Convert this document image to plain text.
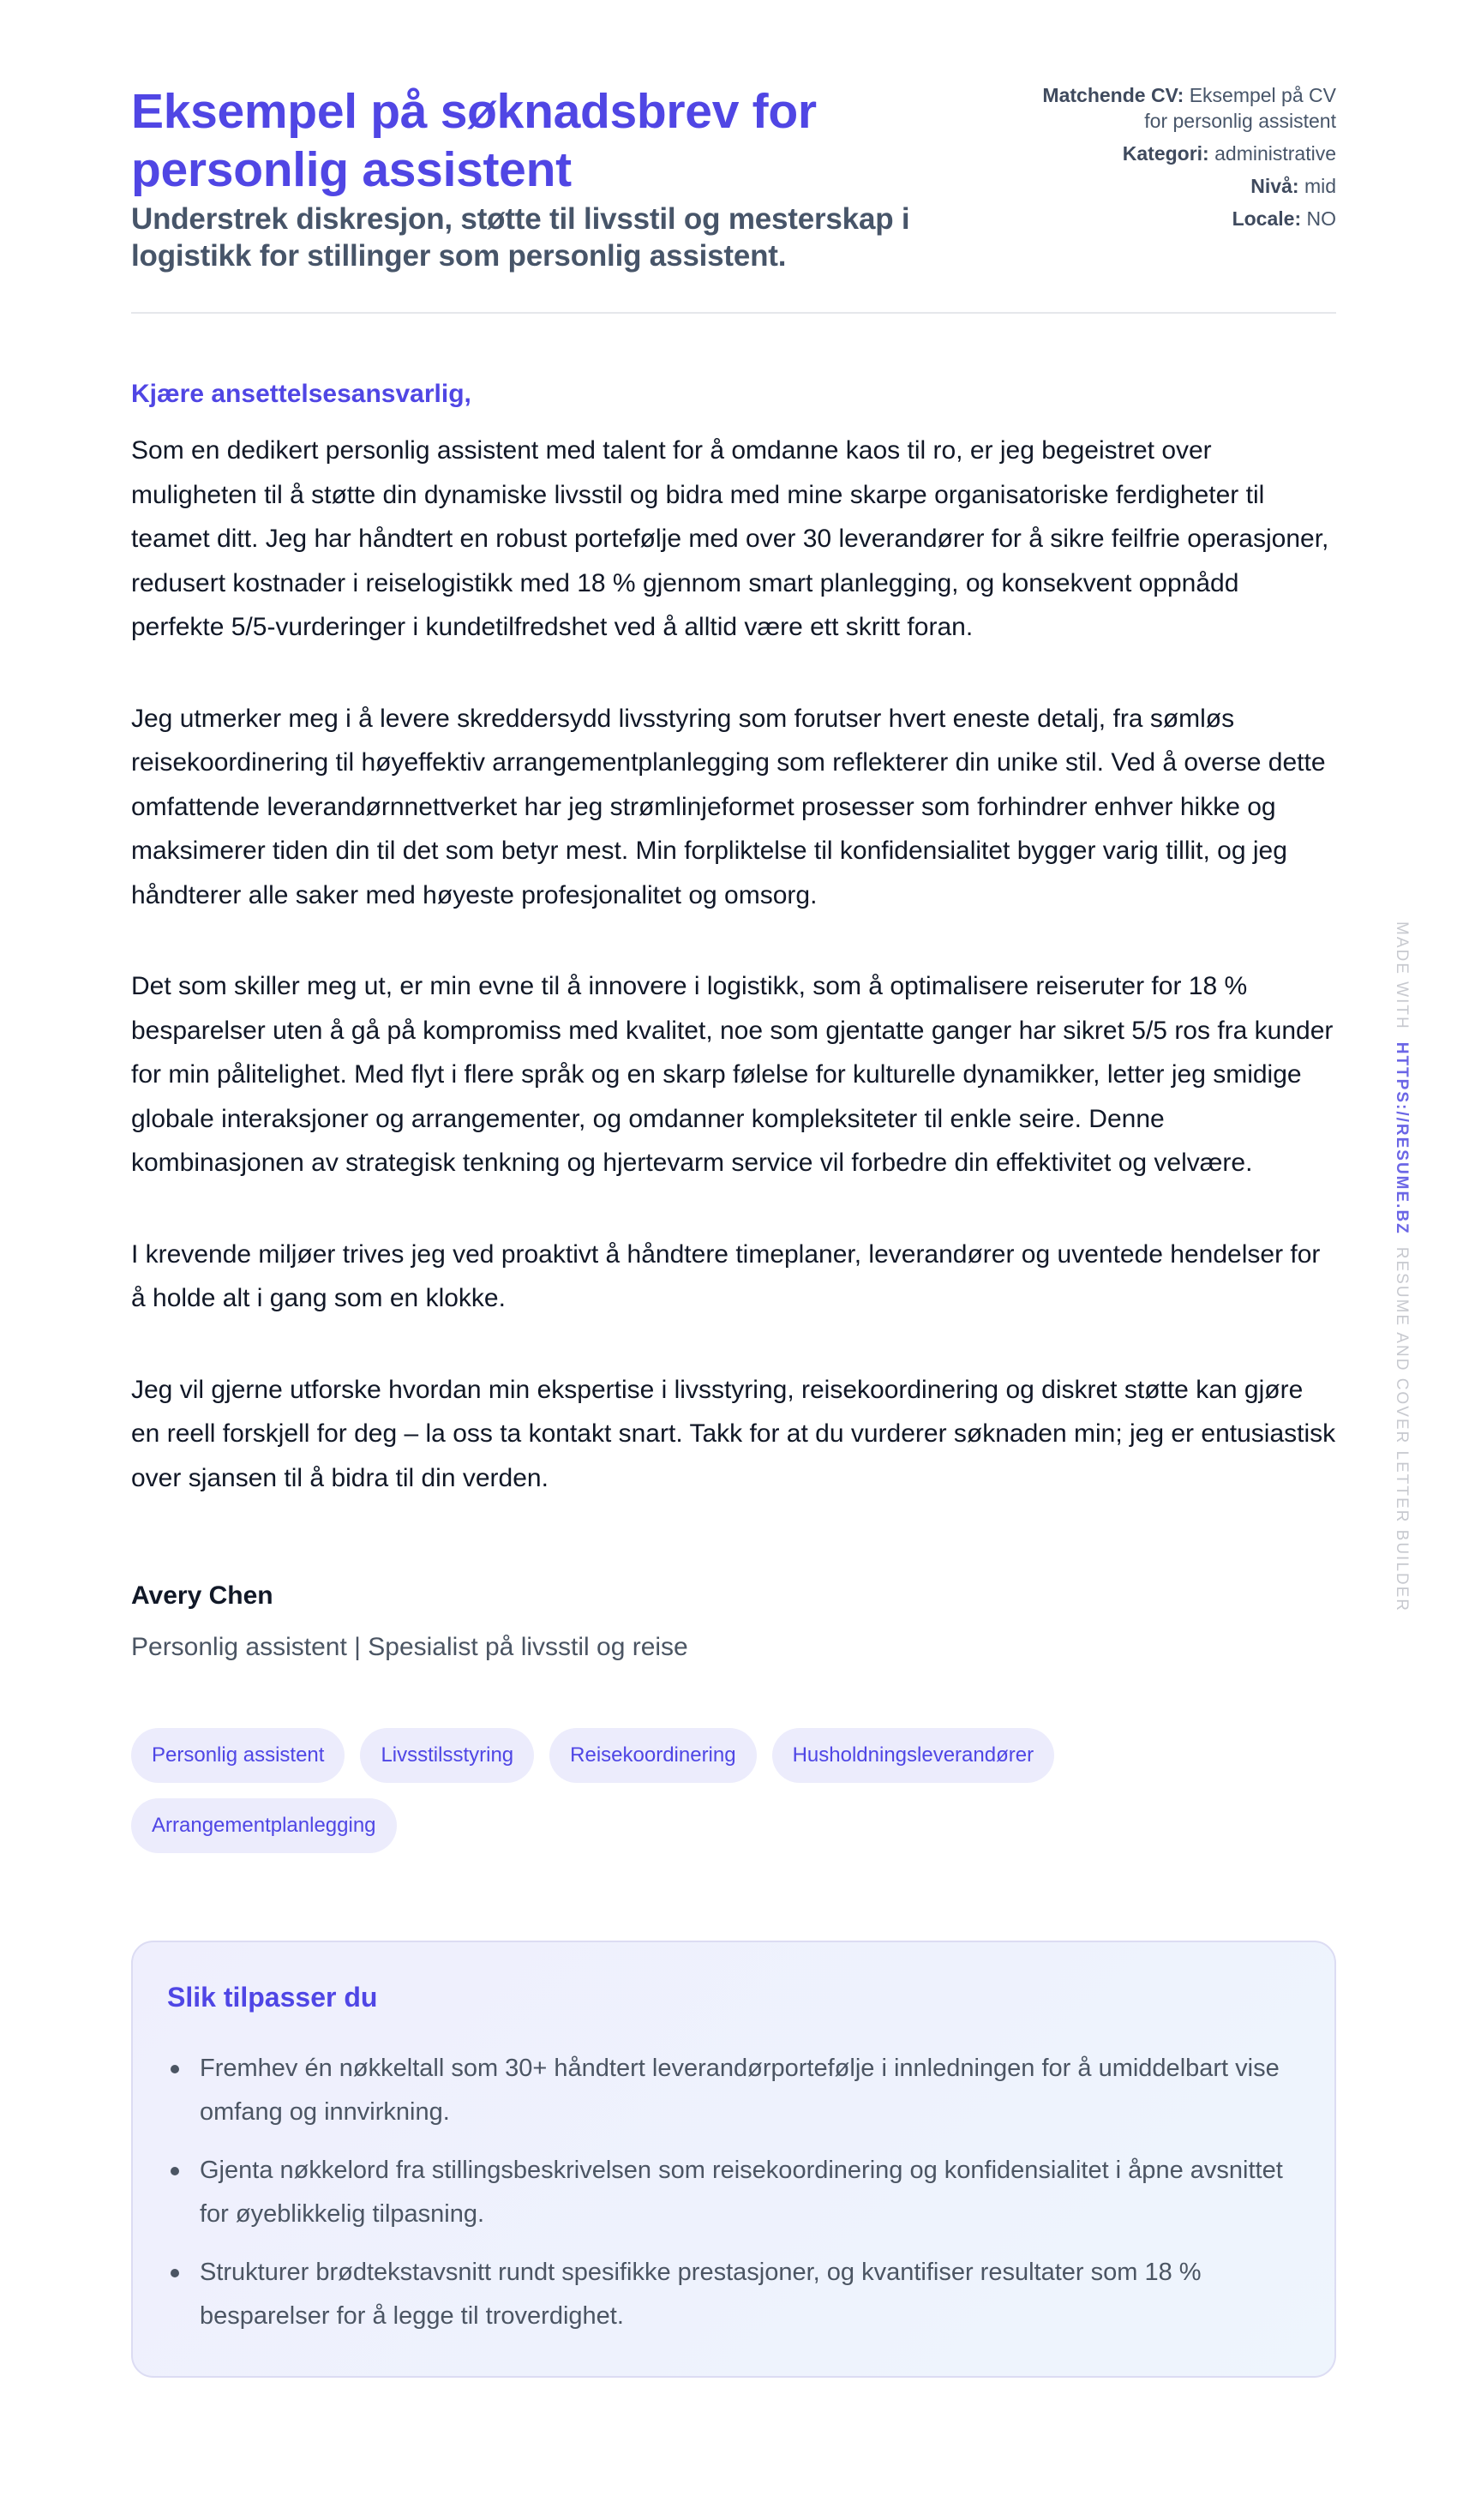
Eksempel på søknadsbrev for personlig assistent
Understrek diskresjon, støtte til livsstil og mesterskap i logistikk for stillinger som personlig assistent.
Matchende CV: Eksempel på CV for personlig assistent
Kategori: administrative
Nivå: mid
Locale: NO
Kjære ansettelsesansvarlig,

Som en dedikert personlig assistent med talent for å omdanne kaos til ro, er jeg begeistret over muligheten til å støtte din dynamiske livsstil og bidra med mine skarpe organisatoriske ferdigheter til teamet ditt. Jeg har håndtert en robust portefølje med over 30 leverandører for å sikre feilfrie operasjoner, redusert kostnader i reiselogistikk med 18 % gjennom smart planlegging, og konsekvent oppnådd perfekte 5/5-vurderinger i kundetilfredshet ved å alltid være ett skritt foran.

Jeg utmerker meg i å levere skreddersydd livsstyring som forutser hvert eneste detalj, fra sømløs reisekoordinering til høyeffektiv arrangementplanlegging som reflekterer din unike stil. Ved å overse dette omfattende leverandørnnettverket har jeg strømlinjeformet prosesser som forhindrer enhver hikke og maksimerer tiden din til det som betyr mest. Min forpliktelse til konfidensialitet bygger varig tillit, og jeg håndterer alle saker med høyeste profesjonalitet og omsorg.

Det som skiller meg ut, er min evne til å innovere i logistikk, som å optimalisere reiseruter for 18 % besparelser uten å gå på kompromiss med kvalitet, noe som gjentatte ganger har sikret 5/5 ros fra kunder for min pålitelighet. Med flyt i flere språk og en skarp følelse for kulturelle dynamikker, letter jeg smidige globale interaksjoner og arrangementer, og omdanner kompleksiteter til enkle seire. Denne kombinasjonen av strategisk tenkning og hjertevarm service vil forbedre din effektivitet og velvære.

I krevende miljøer trives jeg ved proaktivt å håndtere timeplaner, leverandører og uventede hendelser for å holde alt i gang som en klokke.

Jeg vil gjerne utforske hvordan min ekspertise i livsstyring, reisekoordinering og diskret støtte kan gjøre en reell forskjell for deg – la oss ta kontakt snart. Takk for at du vurderer søknaden min; jeg er entusiastisk over sjansen til å bidra til din verden.

Avery Chen
Personlig assistent | Spesialist på livsstil og reise
Personlig assistent	Livsstilsstyring	Reisekoordinering	Husholdningsleverandører
Arrangementplanlegging
Slik tilpasser du
Fremhev én nøkkeltall som 30+ håndtert leverandørportefølje i innledningen for å umiddelbart vise omfang og innvirkning.
Gjenta nøkkelord fra stillingsbeskrivelsen som reisekoordinering og konfidensialitet i åpne avsnittet for øyeblikkelig tilpasning.
Strukturer brødtekstavsnitt rundt spesifikke prestasjoner, og kvantifiser resultater som 18 % besparelser for å legge til troverdighet.
MADE WITHHTTPS://RESUME.BZRESUME AND COVER LETTER BUILDER
